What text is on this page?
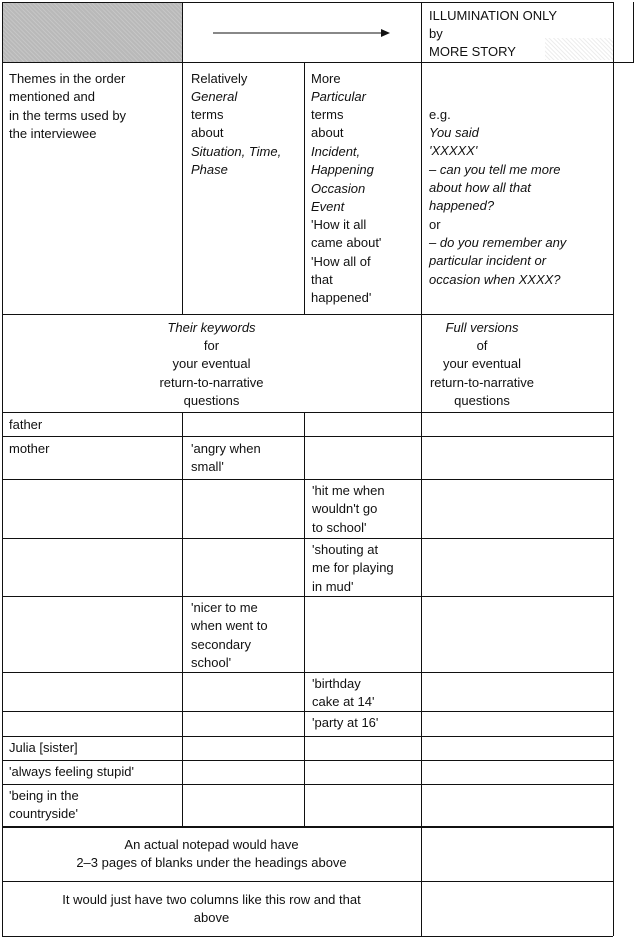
ILLUMINATION ONLY
by
MORE STORY
Themes in the order
mentioned and
in the terms used by
the interviewee
Relatively
General
terms
about
Situation, Time,
Phase
More
Particular
terms
about
Incident,
Happening
Occasion
Event
'How it all
came about'
'How all of
that
happened'
e.g.
You said
'XXXXX'
– can you tell me more
about how all that
happened?
or
– do you remember any
particular incident or
occasion when XXXX?
Their keywords
for
your eventual
return-to-narrative
questions
Full versions
of
your eventual
return-to-narrative
questions
father
mother	'angry when
small'
'hit me when
wouldn't go
to school'
'shouting at
me for playing
in mud'
'nicer to me
when went to
secondary
school'
'birthday
cake at 14'
'party at 16'
Julia [sister]
'always feeling stupid'
'being in the
countryside'
An actual notepad would have
2–3 pages of blanks under the headings above
It would just have two columns like this row and that
above
